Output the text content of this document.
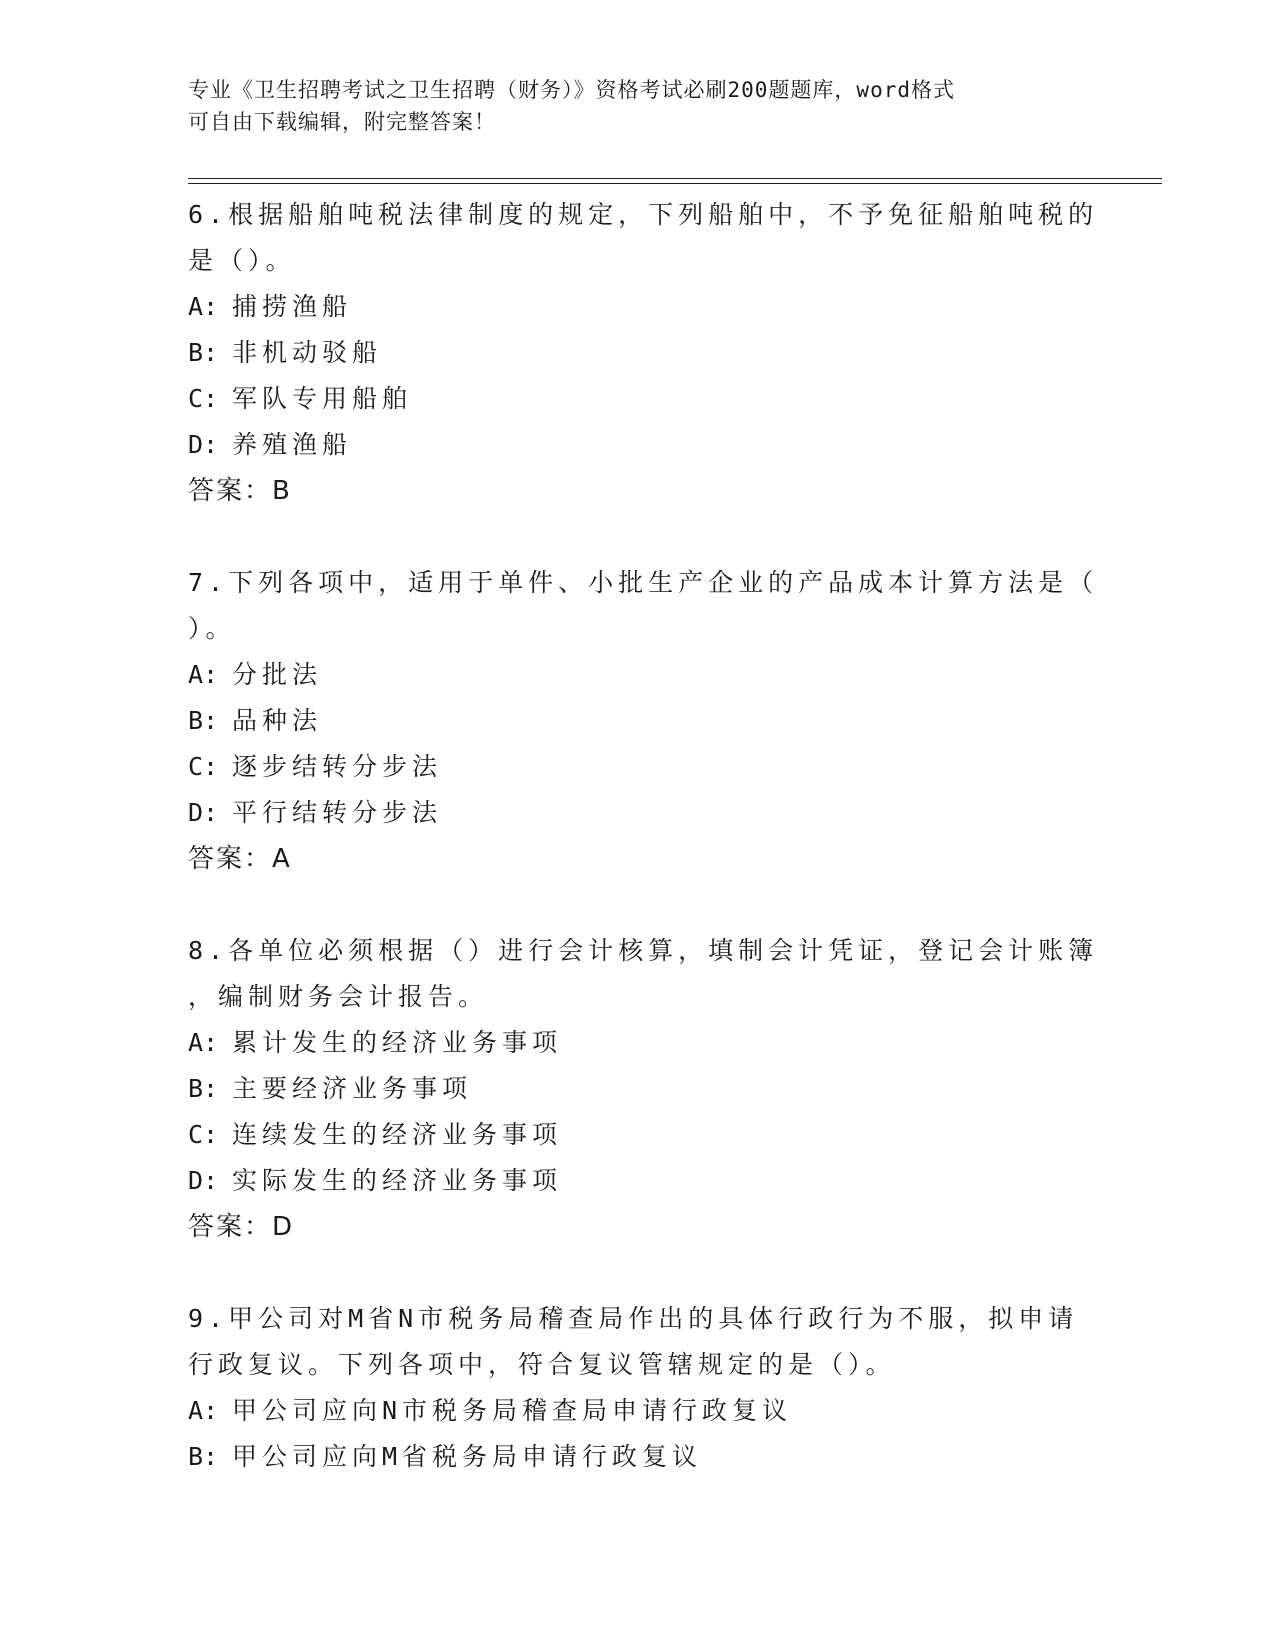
专业《卫生招聘考试之卫生招聘（财务）》资格考试必刷200题题库，word格式
可自由下载编辑，附完整答案！
6.根据船舶吨税法律制度的规定，下列船舶中，不予免征船舶吨税的
是（）。
A: 捕捞渔船
B: 非机动驳船
C: 军队专用船舶
D: 养殖渔船
答案：B
7.下列各项中，适用于单件、小批生产企业的产品成本计算方法是（
）。
A: 分批法
B: 品种法
C: 逐步结转分步法
D: 平行结转分步法
答案：A
8.各单位必须根据（）进行会计核算，填制会计凭证，登记会计账簿
，编制财务会计报告。
A: 累计发生的经济业务事项
B: 主要经济业务事项
C: 连续发生的经济业务事项
D: 实际发生的经济业务事项
答案：D
9.甲公司对M省N市税务局稽查局作出的具体行政行为不服，拟申请
行政复议。下列各项中，符合复议管辖规定的是（）。
A: 甲公司应向N市税务局稽查局申请行政复议
B: 甲公司应向M省税务局申请行政复议
